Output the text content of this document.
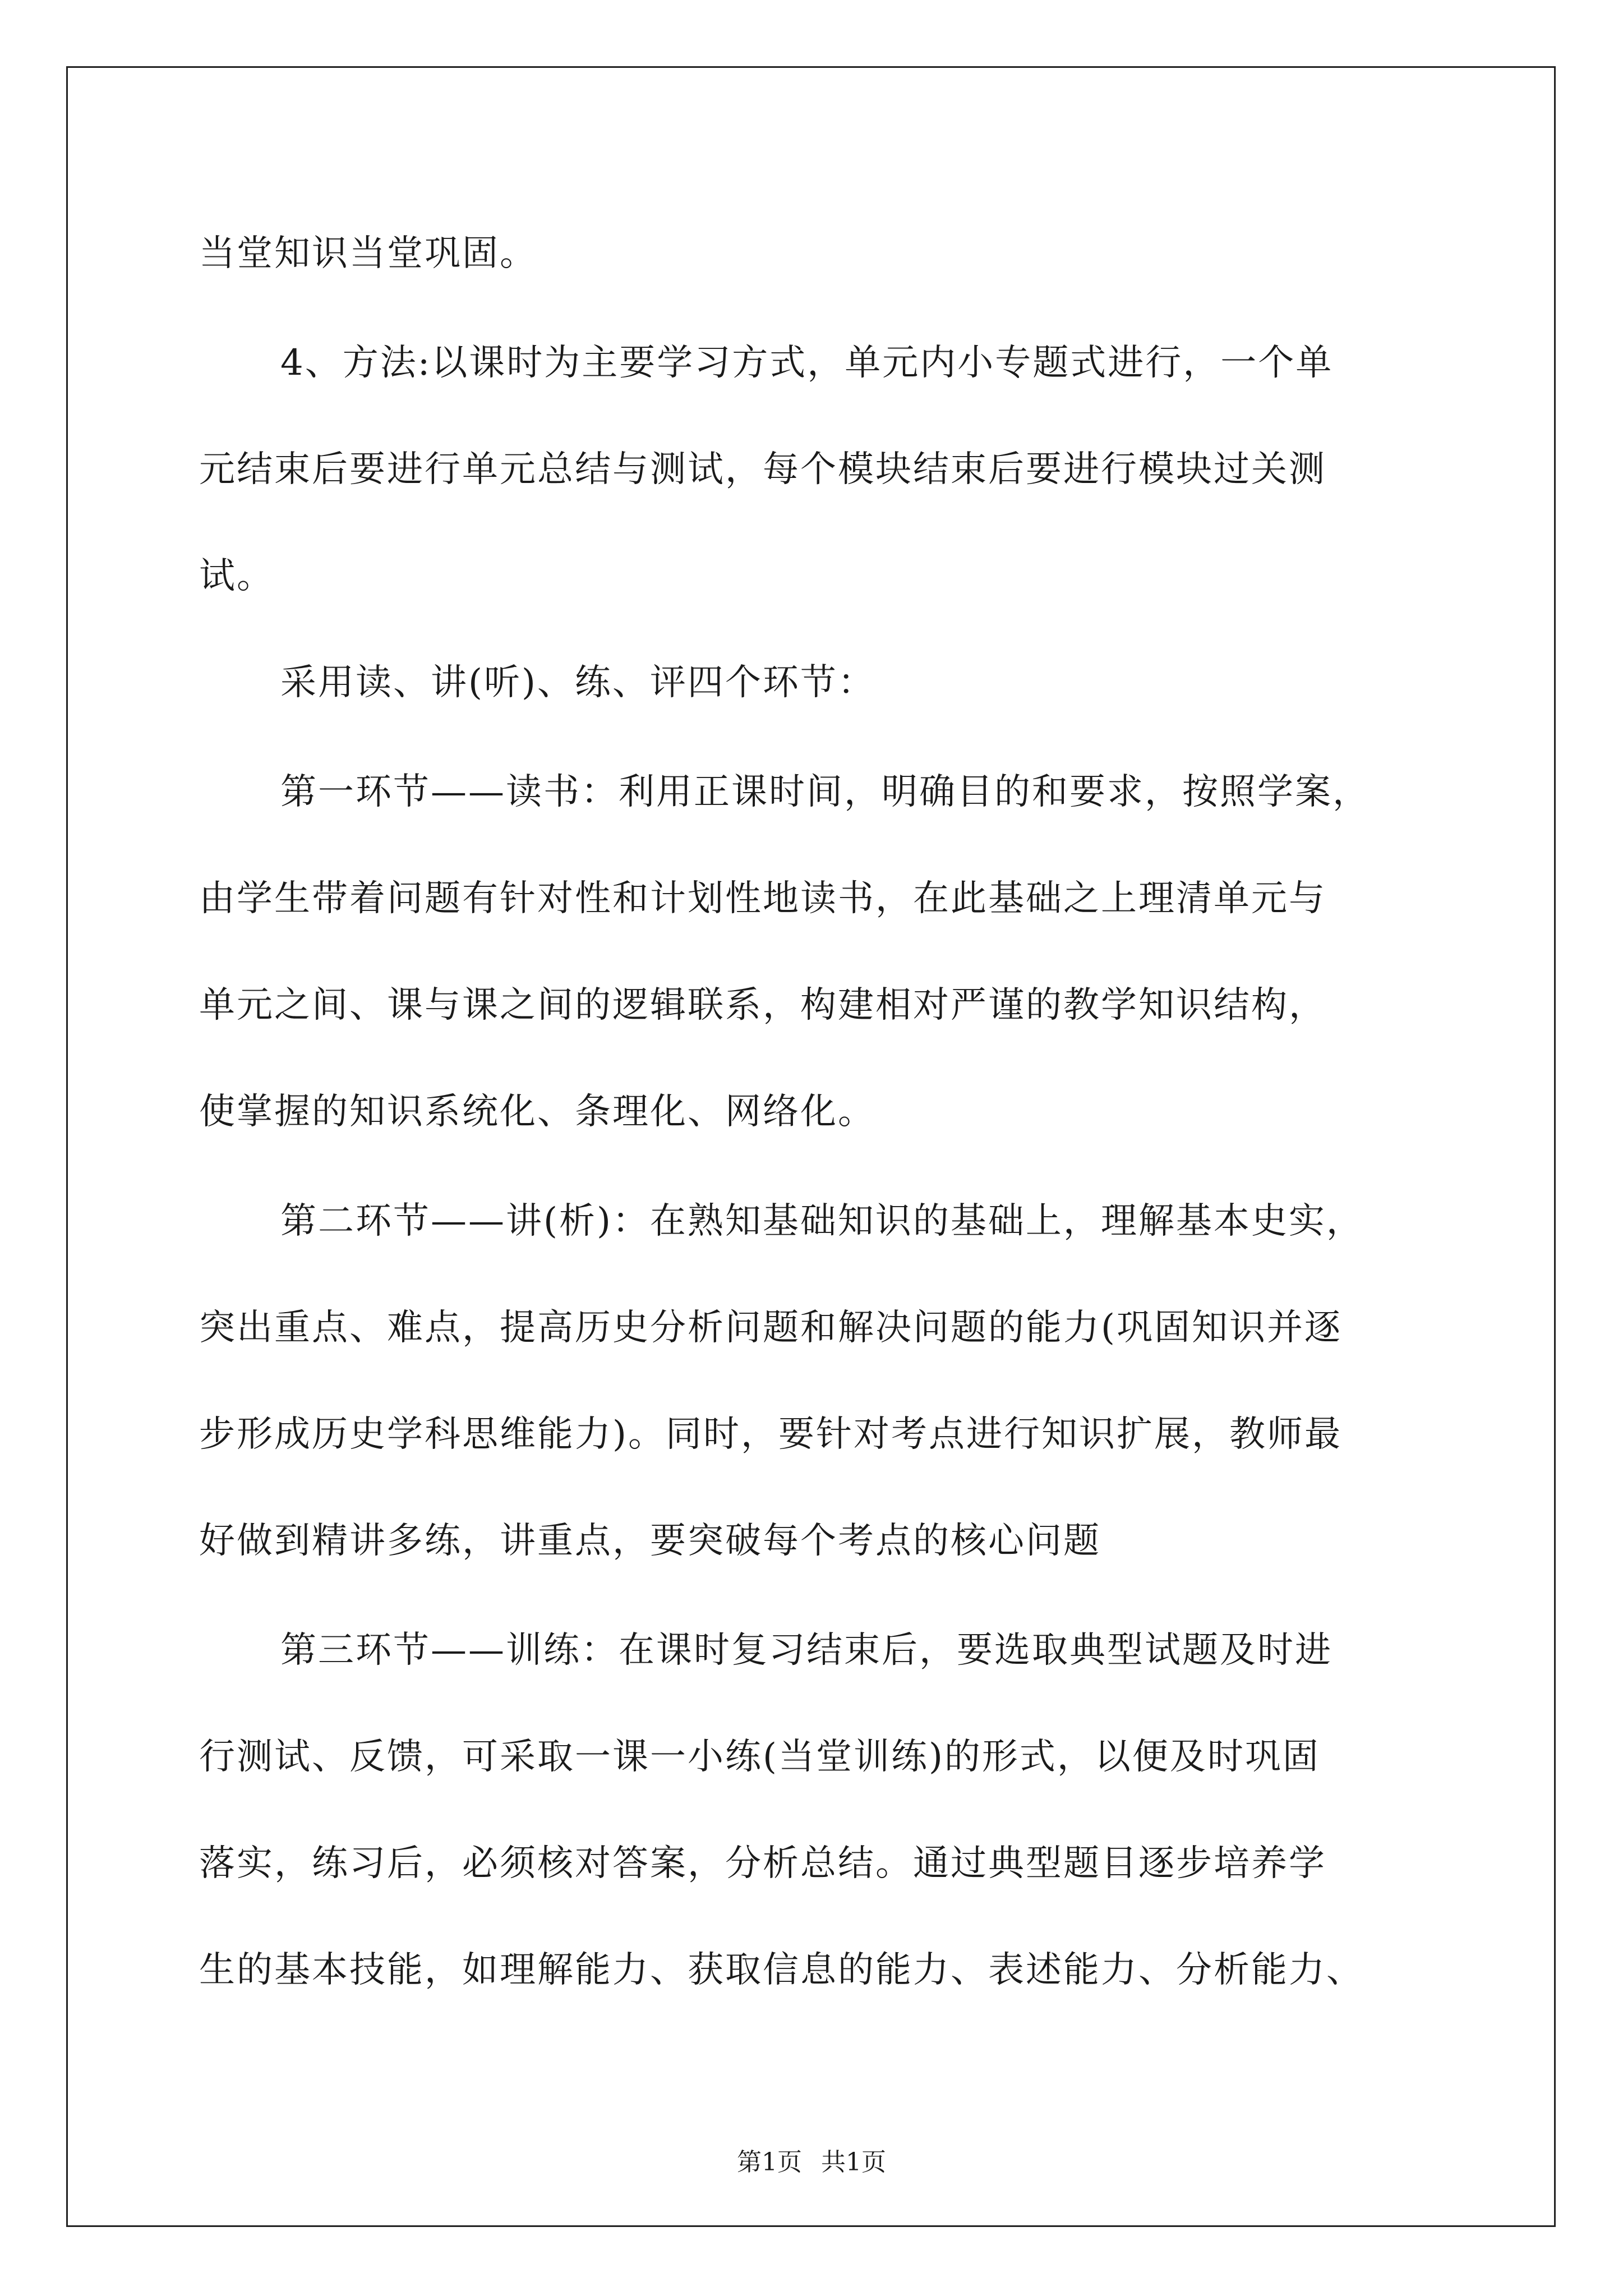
当堂知识当堂巩固。
4、方法:以课时为主要学习方式，单元内小专题式进行，一个单
元结束后要进行单元总结与测试，每个模块结束后要进行模块过关测
试。
采用读、讲(听)、练、评四个环节：
第一环节——读书：利用正课时间，明确目的和要求，按照学案，
由学生带着问题有针对性和计划性地读书，在此基础之上理清单元与
单元之间、课与课之间的逻辑联系，构建相对严谨的教学知识结构，
使掌握的知识系统化、条理化、网络化。
第二环节——讲(析)：在熟知基础知识的基础上，理解基本史实，
突出重点、难点，提高历史分析问题和解决问题的能力(巩固知识并逐
步形成历史学科思维能力)。同时，要针对考点进行知识扩展，教师最
好做到精讲多练，讲重点，要突破每个考点的核心问题
第三环节——训练：在课时复习结束后，要选取典型试题及时进
行测试、反馈，可采取一课一小练(当堂训练)的形式，以便及时巩固
落实，练习后，必须核对答案，分析总结。通过典型题目逐步培养学
生的基本技能，如理解能力、获取信息的能力、表述能力、分析能力、
第1页 共1页
